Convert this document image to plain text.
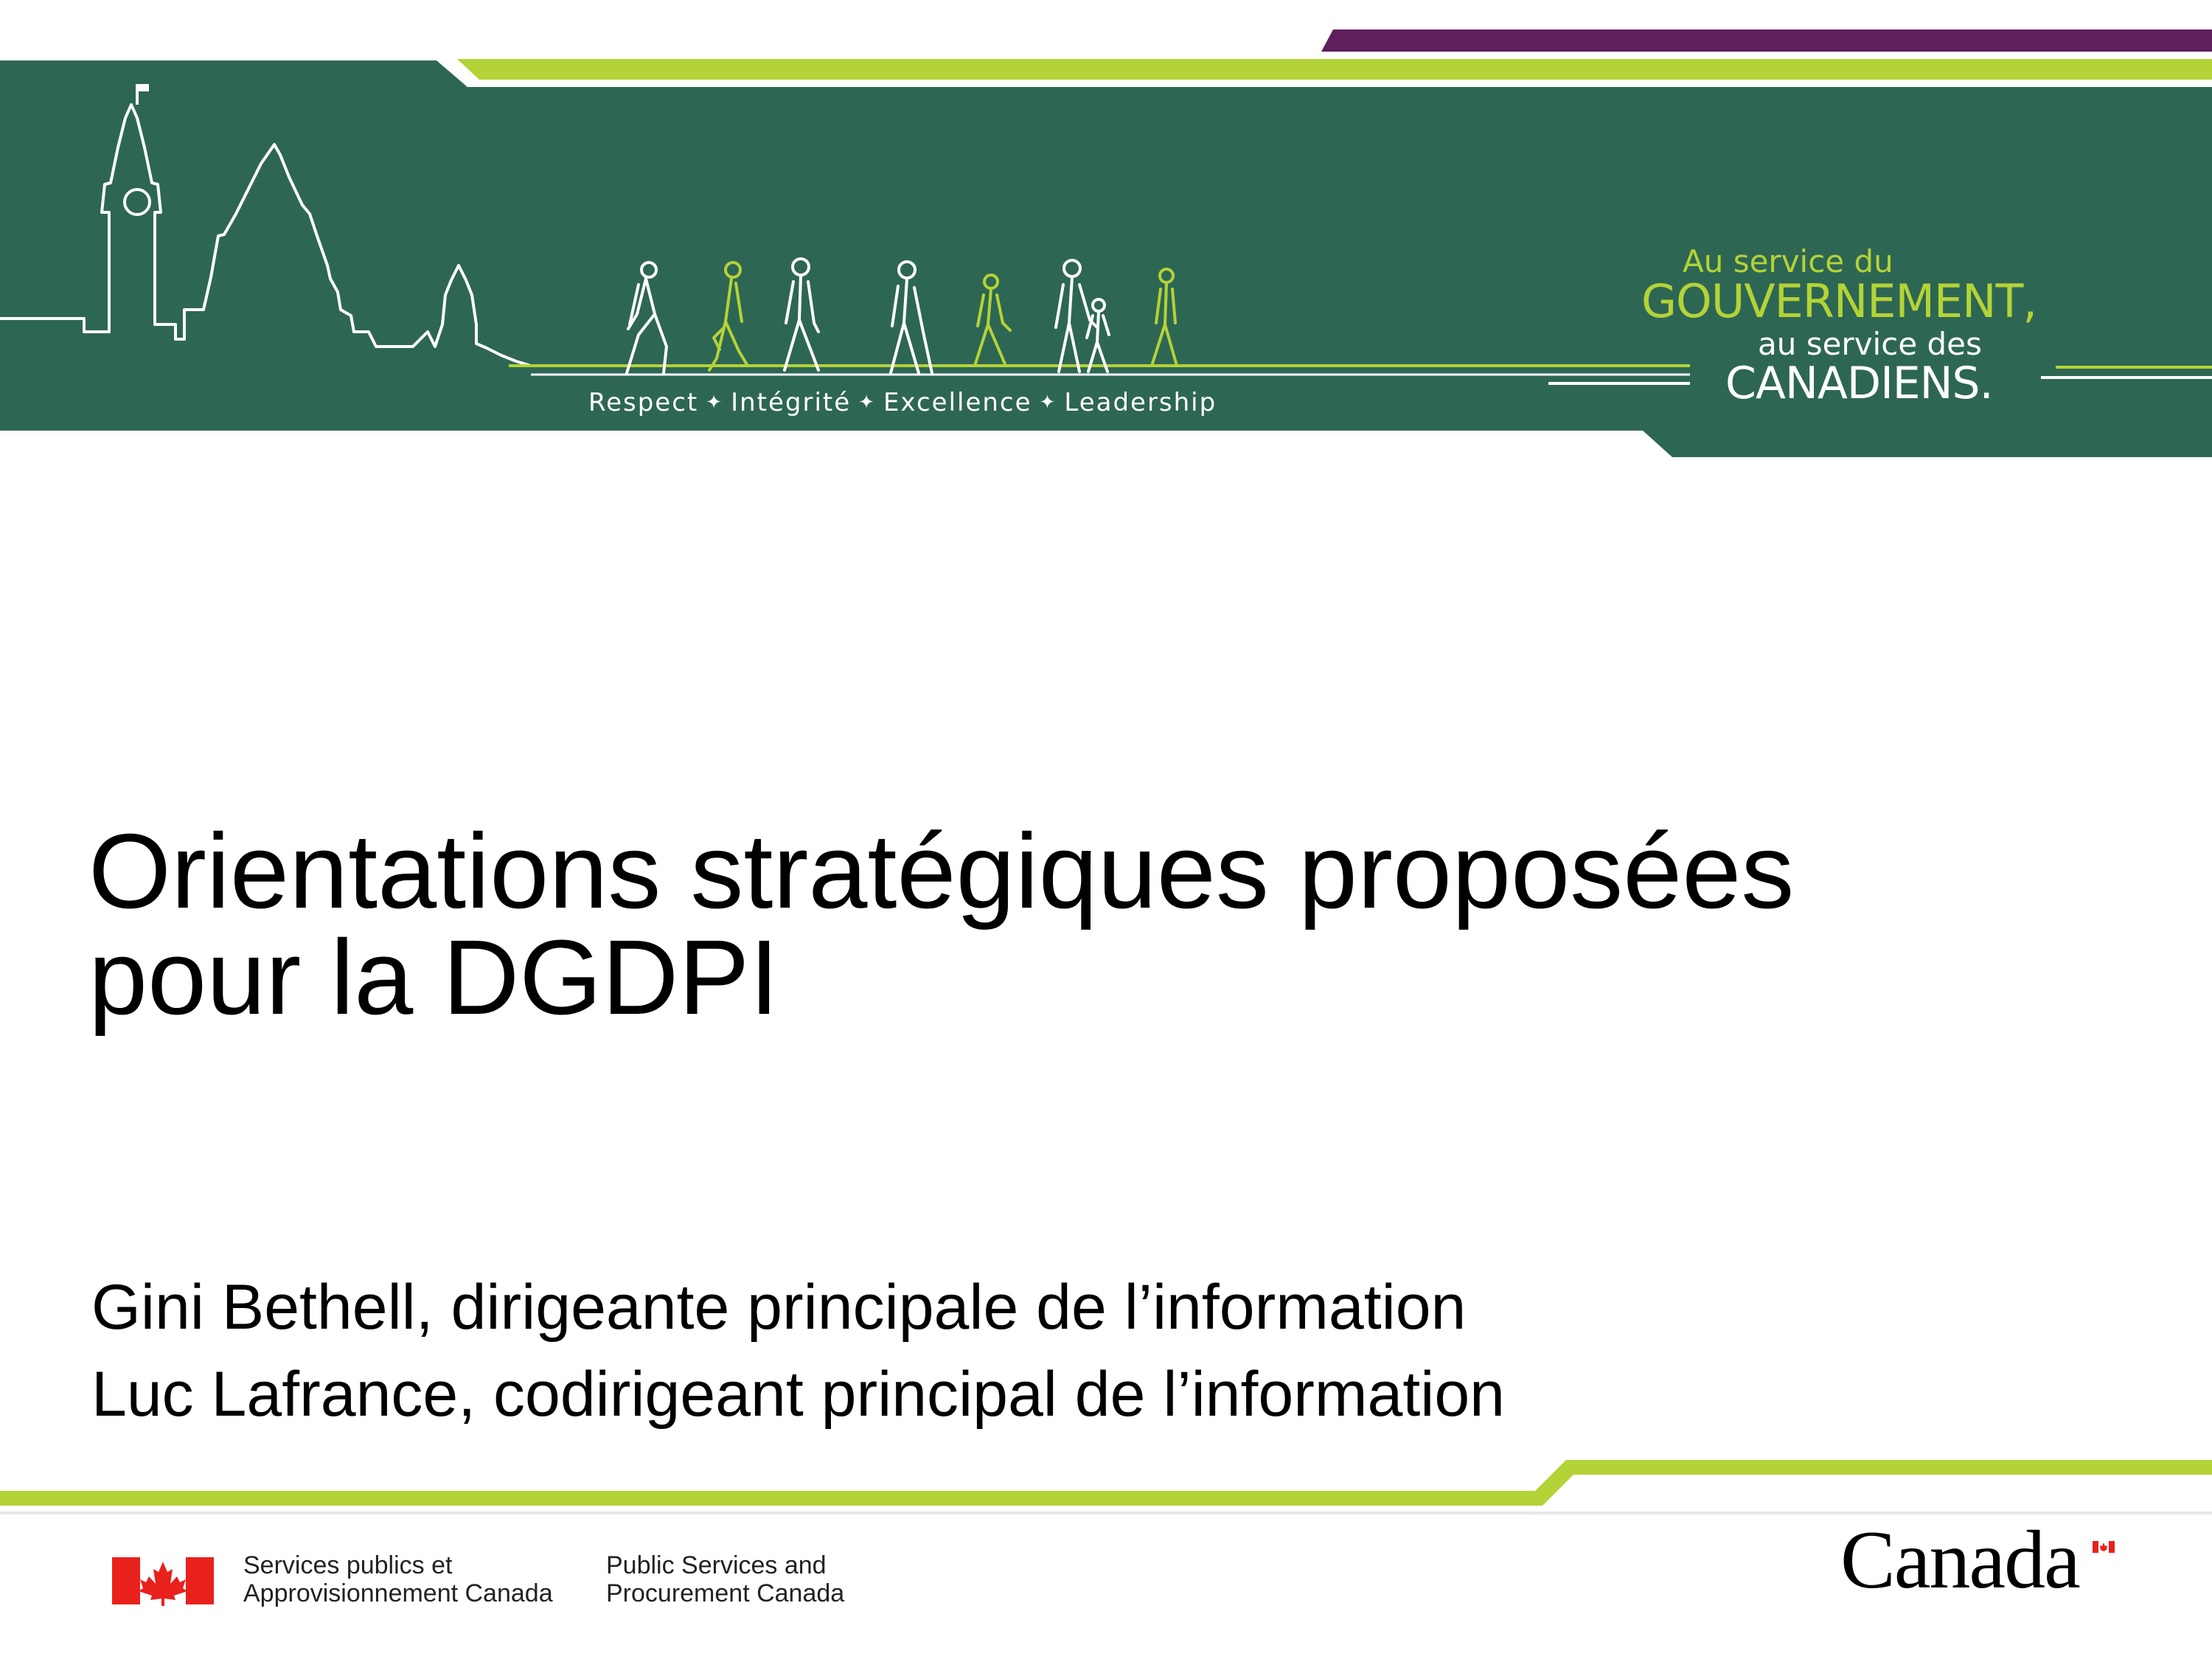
Respect ✦ Intégrité ✦ Excellence ✦ Leadership
Au service du
GOUVERNEMENT,
au service des
CANADIENS.
Orientations stratégiques proposées
pour la DGDPI
Gini Bethell, dirigeante principale de l’information
Luc Lafrance, codirigeant principal de l’information
Services publics et
Approvisionnement Canada
Public Services and
Procurement Canada	Canada
